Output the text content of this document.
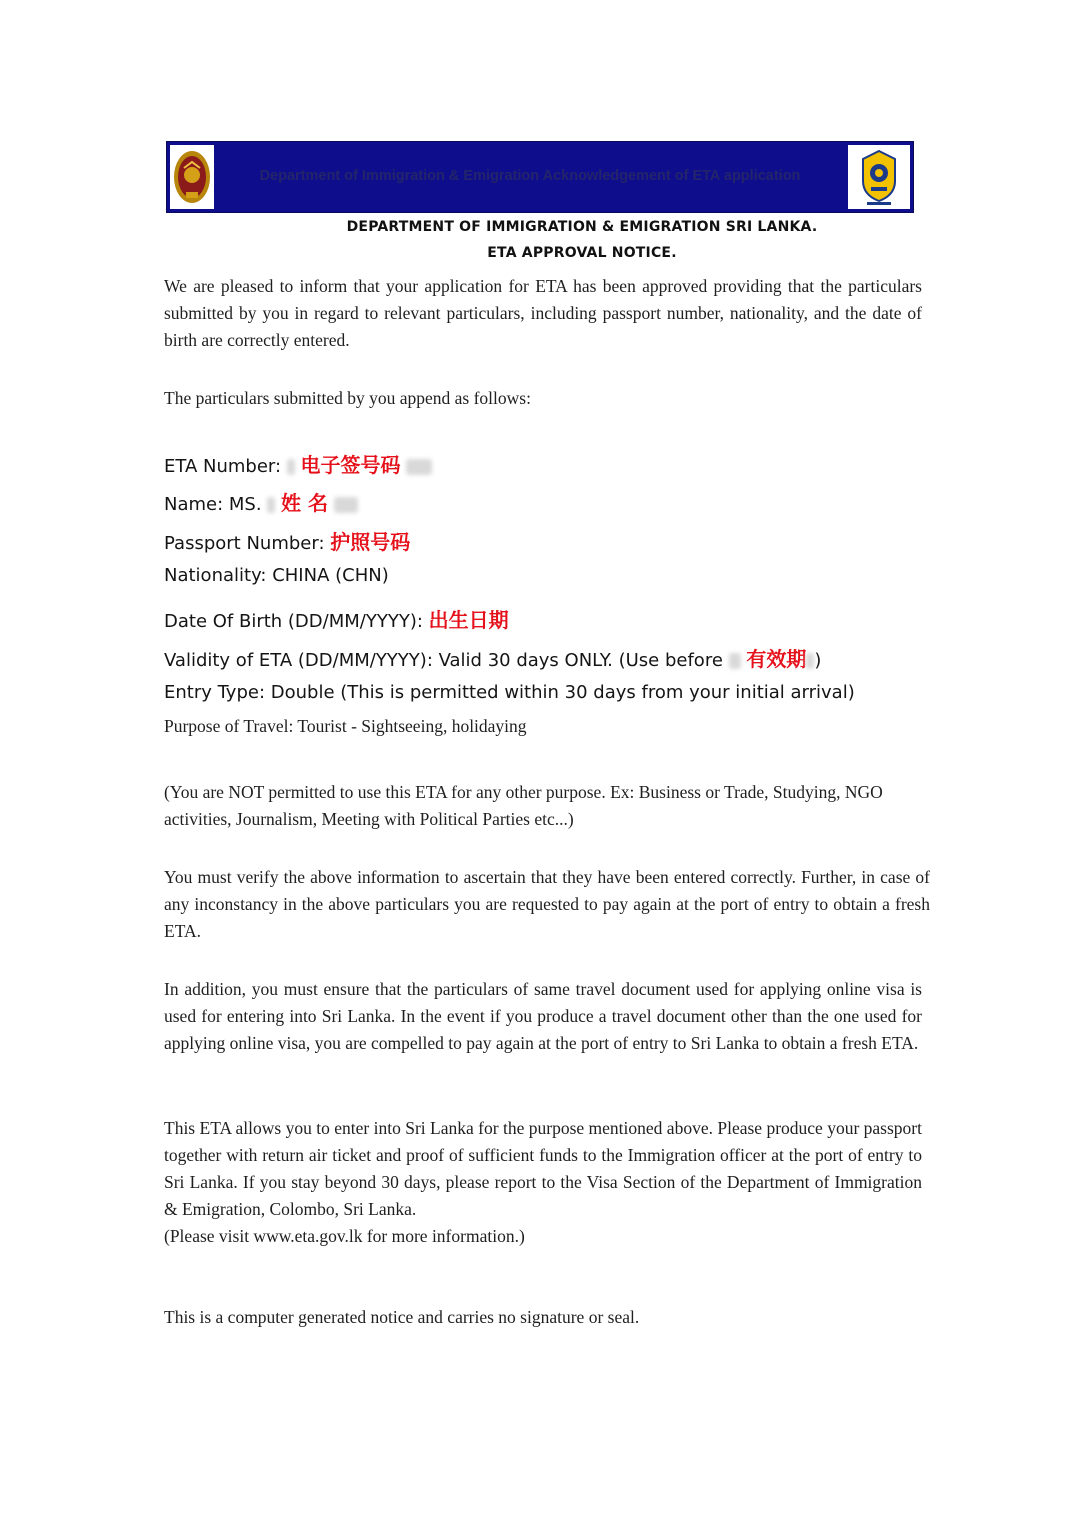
Department of Immigration & Emigration Acknowledgement of ETA application
DEPARTMENT OF IMMIGRATION & EMIGRATION SRI LANKA.
ETA APPROVAL NOTICE.
We are pleased to inform that your application for ETA has been approved providing that the particulars submitted by you in regard to relevant particulars, including passport number, nationality, and the date of birth are correctly entered.
The particulars submitted by you append as follows:
ETA Number: 电子签号码
Name: MS. 姓 名
Passport Number: 护照号码
Nationality: CHINA (CHN)
Date Of Birth (DD/MM/YYYY): 出生日期
Validity of ETA (DD/MM/YYYY): Valid 30 days ONLY. (Use before 有效期 )
Entry Type: Double (This is permitted within 30 days from your initial arrival)
Purpose of Travel: Tourist - Sightseeing, holidaying
(You are NOT permitted to use this ETA for any other purpose. Ex: Business or Trade, Studying, NGO activities, Journalism, Meeting with Political Parties etc...)
You must verify the above information to ascertain that they have been entered correctly. Further, in case of any inconstancy in the above particulars you are requested to pay again at the port of entry to obtain a fresh ETA.
In addition, you must ensure that the particulars of same travel document used for applying online visa is used for entering into Sri Lanka. In the event if you produce a travel document other than the one used for applying online visa, you are compelled to pay again at the port of entry to Sri Lanka to obtain a fresh ETA.
This ETA allows you to enter into Sri Lanka for the purpose mentioned above. Please produce your passport together with return air ticket and proof of sufficient funds to the Immigration officer at the port of entry to Sri Lanka. If you stay beyond 30 days, please report to the Visa Section of the Department of Immigration & Emigration, Colombo, Sri Lanka.
(Please visit www.eta.gov.lk for more information.)
This is a computer generated notice and carries no signature or seal.
